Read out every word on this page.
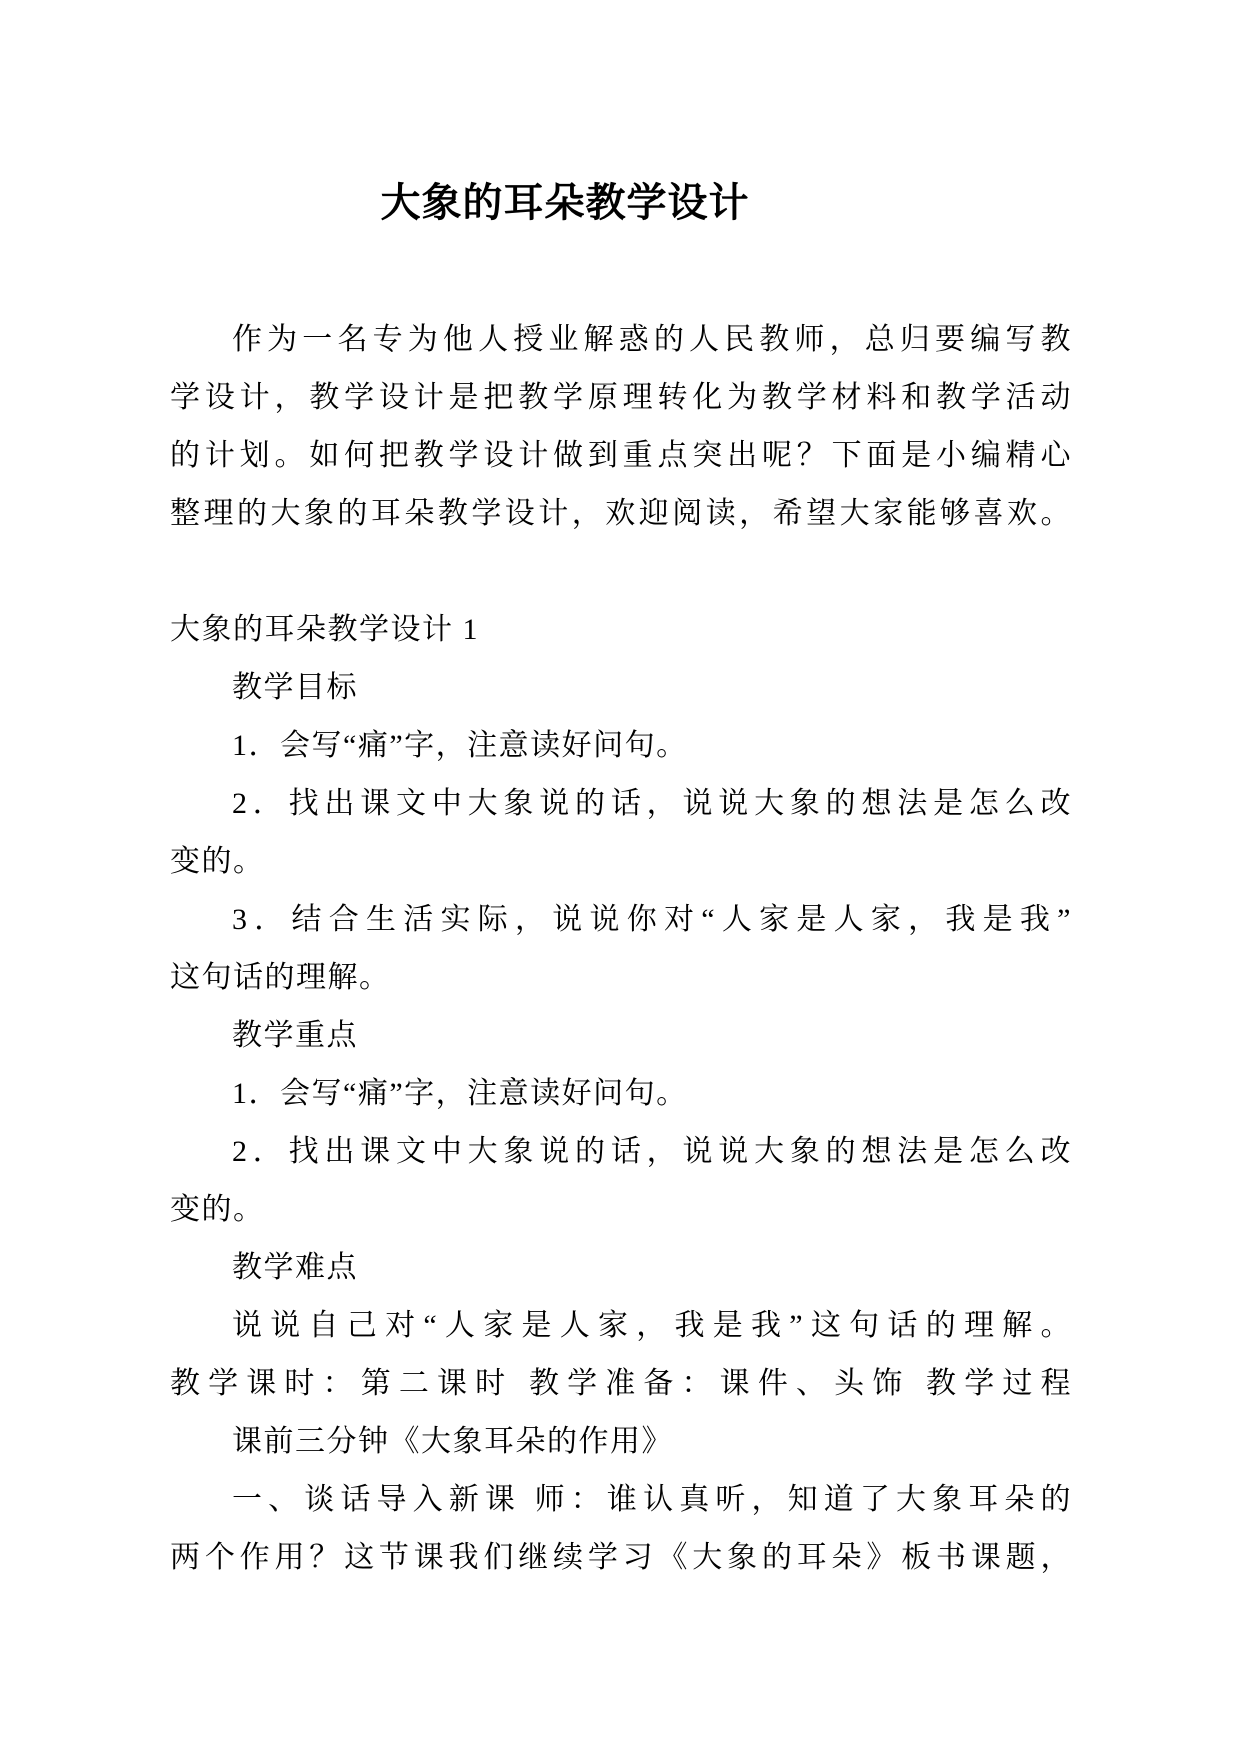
大象的耳朵教学设计
作为一名专为他人授业解惑的人民教师，总归要编写教
学设计，教学设计是把教学原理转化为教学材料和教学活动
的计划。如何把教学设计做到重点突出呢？下面是小编精心
整理的大象的耳朵教学设计，欢迎阅读，希望大家能够喜欢。
大象的耳朵教学设计 1
教学目标
1．会写“痛”字，注意读好问句。
2．找出课文中大象说的话，说说大象的想法是怎么改
变的。
3．结合生活实际，说说你对“人家是人家，我是我”
这句话的理解。
教学重点
1．会写“痛”字，注意读好问句。
2．找出课文中大象说的话，说说大象的想法是怎么改
变的。
教学难点
说说自己对“人家是人家，我是我”这句话的理解。
教学课时：第二课时 教学准备：课件、头饰 教学过程
课前三分钟《大象耳朵的作用》
一、谈话导入新课 师：谁认真听，知道了大象耳朵的
两个作用？这节课我们继续学习《大象的耳朵》板书课题，
